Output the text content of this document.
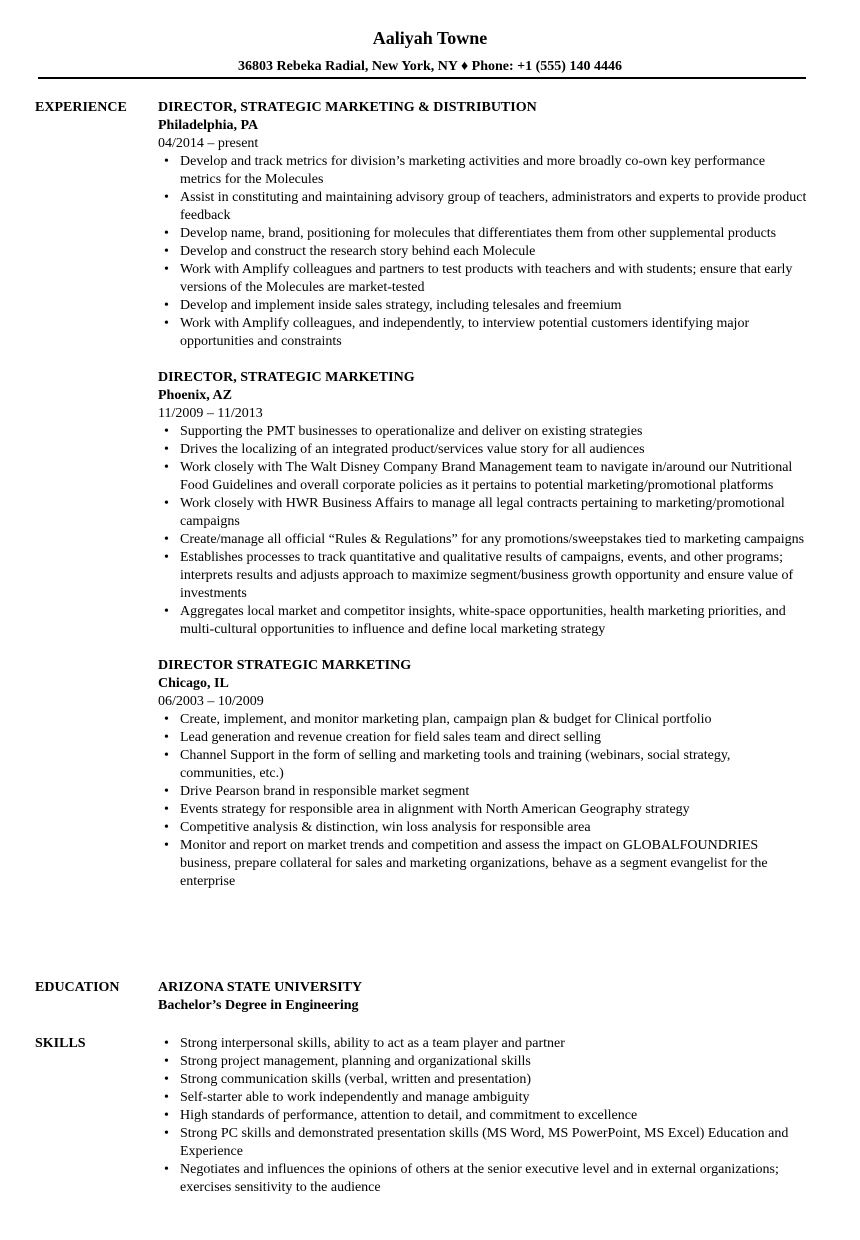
Aaliyah Towne
36803 Rebeka Radial, New York, NY ♦ Phone: +1 (555) 140 4446
EXPERIENCE DIRECTOR, STRATEGIC MARKETING & DISTRIBUTION
Philadelphia, PA
04/2014 – present
• Develop and track metrics for division’s marketing activities and more broadly co-own key performance metrics for the Molecules
• Assist in constituting and maintaining advisory group of teachers, administrators and experts to provide product feedback
• Develop name, brand, positioning for molecules that differentiates them from other supplemental products
• Develop and construct the research story behind each Molecule
• Work with Amplify colleagues and partners to test products with teachers and with students; ensure that early versions of the Molecules are market-tested
• Develop and implement inside sales strategy, including telesales and freemium
• Work with Amplify colleagues, and independently, to interview potential customers identifying major opportunities and constraints
DIRECTOR, STRATEGIC MARKETING
Phoenix, AZ
11/2009 – 11/2013
• Supporting the PMT businesses to operationalize and deliver on existing strategies
• Drives the localizing of an integrated product/services value story for all audiences
• Work closely with The Walt Disney Company Brand Management team to navigate in/around our Nutritional Food Guidelines and overall corporate policies as it pertains to potential marketing/promotional platforms
• Work closely with HWR Business Affairs to manage all legal contracts pertaining to marketing/promotional campaigns
• Create/manage all official “Rules & Regulations” for any promotions/sweepstakes tied to marketing campaigns
• Establishes processes to track quantitative and qualitative results of campaigns, events, and other programs; interprets results and adjusts approach to maximize segment/business growth opportunity and ensure value of investments
• Aggregates local market and competitor insights, white-space opportunities, health marketing priorities, and multi-cultural opportunities to influence and define local marketing strategy
DIRECTOR STRATEGIC MARKETING
Chicago, IL
06/2003 – 10/2009
• Create, implement, and monitor marketing plan, campaign plan & budget for Clinical portfolio
• Lead generation and revenue creation for field sales team and direct selling
• Channel Support in the form of selling and marketing tools and training (webinars, social strategy, communities, etc.)
• Drive Pearson brand in responsible market segment
• Events strategy for responsible area in alignment with North American Geography strategy
• Competitive analysis & distinction, win loss analysis for responsible area
• Monitor and report on market trends and competition and assess the impact on GLOBALFOUNDRIES business, prepare collateral for sales and marketing organizations, behave as a segment evangelist for the enterprise
EDUCATION	ARIZONA STATE UNIVERSITY
Bachelor’s Degree in Engineering
SKILLS
•	Strong interpersonal skills, ability to act as a team player and partner
• Strong project management, planning and organizational skills
• Strong communication skills (verbal, written and presentation)
• Self-starter able to work independently and manage ambiguity
• High standards of performance, attention to detail, and commitment to excellence
• Strong PC skills and demonstrated presentation skills (MS Word, MS PowerPoint, MS Excel) Education and Experience
• Negotiates and influences the opinions of others at the senior executive level and in external organizations; exercises sensitivity to the audience
